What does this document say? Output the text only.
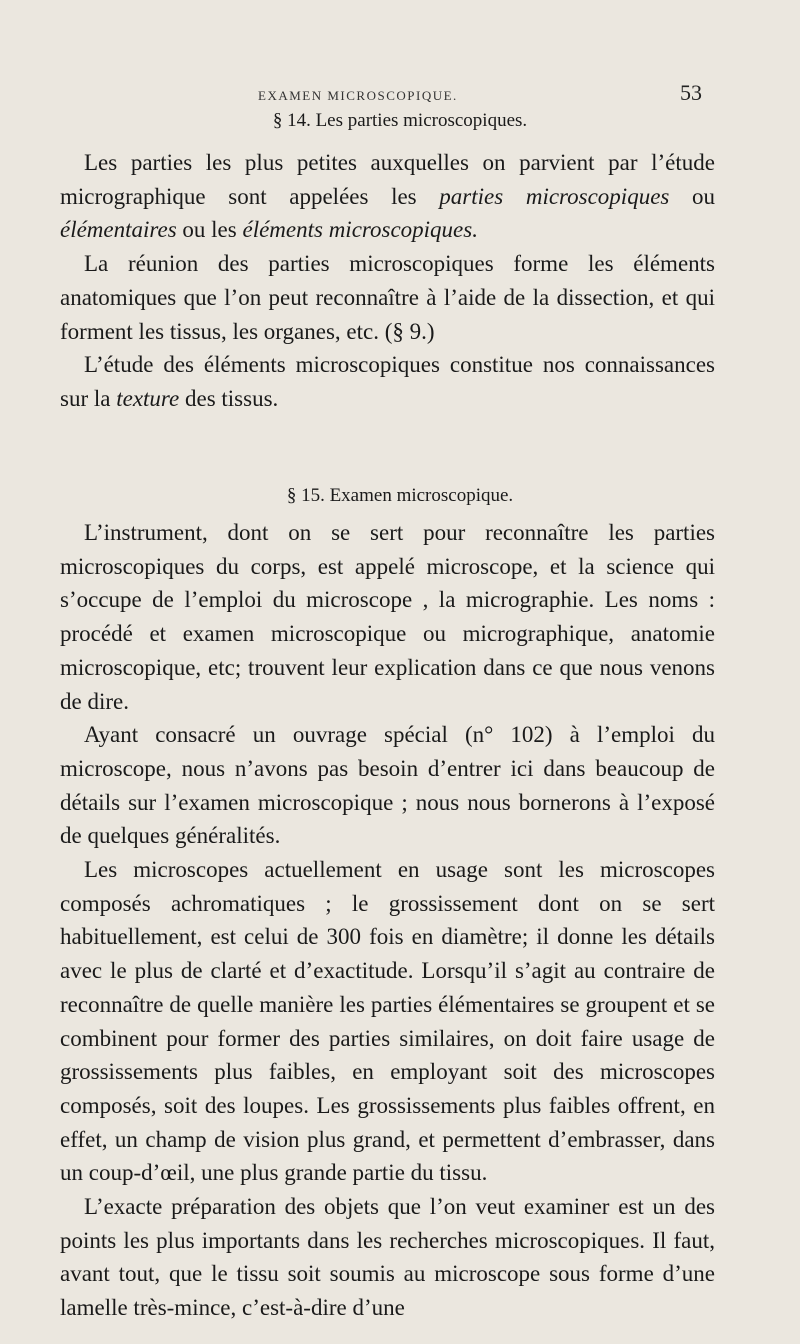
EXAMEN MICROSCOPIQUE.	53
§ 14. Les parties microscopiques.

Les parties les plus petites auxquelles on parvient par l’étude micrographique sont appelées les parties microscopiques ou élémentaires ou les éléments microscopiques.

La réunion des parties microscopiques forme les éléments anatomiques que l’on peut reconnaître à l’aide de la dissection, et qui forment les tissus, les organes, etc. (§ 9.)

L’étude des éléments microscopiques constitue nos connaissances sur la texture des tissus.

§ 15. Examen microscopique.

L’instrument, dont on se sert pour reconnaître les parties microscopiques du corps, est appelé microscope, et la science qui s’occupe de l’emploi du microscope , la micrographie. Les noms : procédé et examen microscopique ou micrographique, anatomie microscopique, etc; trouvent leur explication dans ce que nous venons de dire.

Ayant consacré un ouvrage spécial (n° 102) à l’emploi du microscope, nous n’avons pas besoin d’entrer ici dans beaucoup de détails sur l’examen microscopique ; nous nous bornerons à l’exposé de quelques généralités.

Les microscopes actuellement en usage sont les microscopes composés achromatiques ; le grossissement dont on se sert habituellement, est celui de 300 fois en diamètre; il donne les détails avec le plus de clarté et d’exactitude. Lorsqu’il s’agit au contraire de reconnaître de quelle manière les parties élémentaires se groupent et se combinent pour former des parties similaires, on doit faire usage de grossissements plus faibles, en employant soit des microscopes composés, soit des loupes. Les grossissements plus faibles offrent, en effet, un champ de vision plus grand, et permettent d’embrasser, dans un coup-d’œil, une plus grande partie du tissu.

L’exacte préparation des objets que l’on veut examiner est un des points les plus importants dans les recherches microscopiques. Il faut, avant tout, que le tissu soit soumis au microscope sous forme d’une lamelle très-mince, c’est-à-dire d’une
